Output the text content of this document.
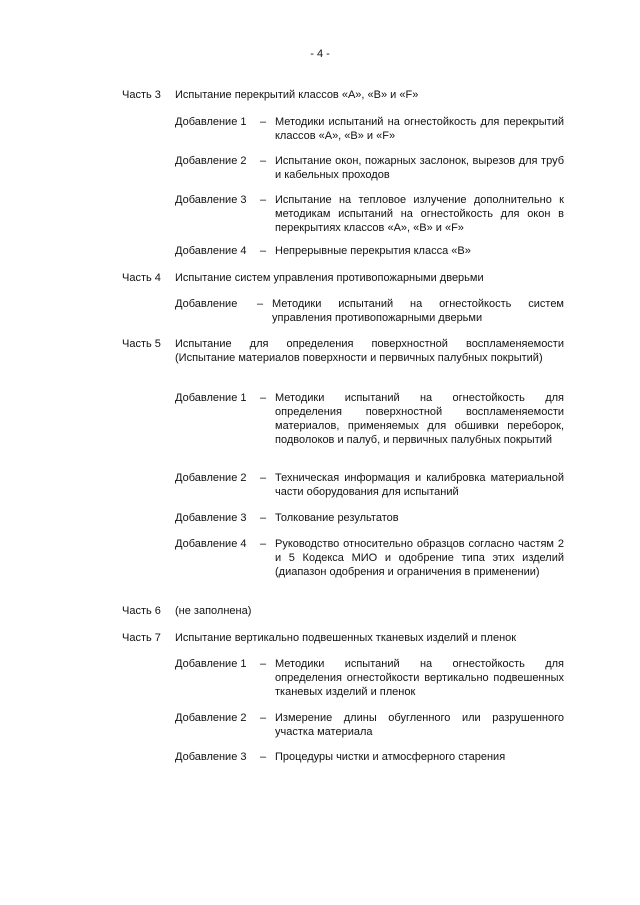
- 4 -
Часть 3	Испытание перекрытий классов «A», «B» и «F»
Добавление 1 – Методики испытаний на огнестойкость для перекрытий классов «A», «B» и «F»
Добавление 2 – Испытание окон, пожарных заслонок, вырезов для труб и кабельных проходов
Добавление 3 – Испытание на тепловое излучение дополнительно к методикам испытаний на огнестойкость для окон в перекрытиях классов «A», «B» и «F»
Добавление 4 – Непрерывные перекрытия класса «B»
Часть 4	Испытание систем управления противопожарными дверьми
Добавление – Методики испытаний на огнестойкость систем управления противопожарными дверьми
Часть 5	Испытание для определения поверхностной воспламеняемости (Испытание материалов поверхности и первичных палубных покрытий)
Добавление 1 – Методики испытаний на огнестойкость для определения поверхностной воспламеняемости материалов, применяемых для обшивки переборок, подволоков и палуб, и первичных палубных покрытий
Добавление 2 – Техническая информация и калибровка материальной части оборудования для испытаний
Добавление 3 – Толкование результатов
Добавление 4 – Руководство относительно образцов согласно частям 2 и 5 Кодекса МИО и одобрение типа этих изделий (диапазон одобрения и ограничения в применении)
Часть 6	(не заполнена)
Часть 7	Испытание вертикально подвешенных тканевых изделий и пленок
Добавление 1 – Методики испытаний на огнестойкость для определения огнестойкости вертикально подвешенных тканевых изделий и пленок
Добавление 2 – Измерение длины обугленного или разрушенного участка материала
Добавление 3 – Процедуры чистки и атмосферного старения
